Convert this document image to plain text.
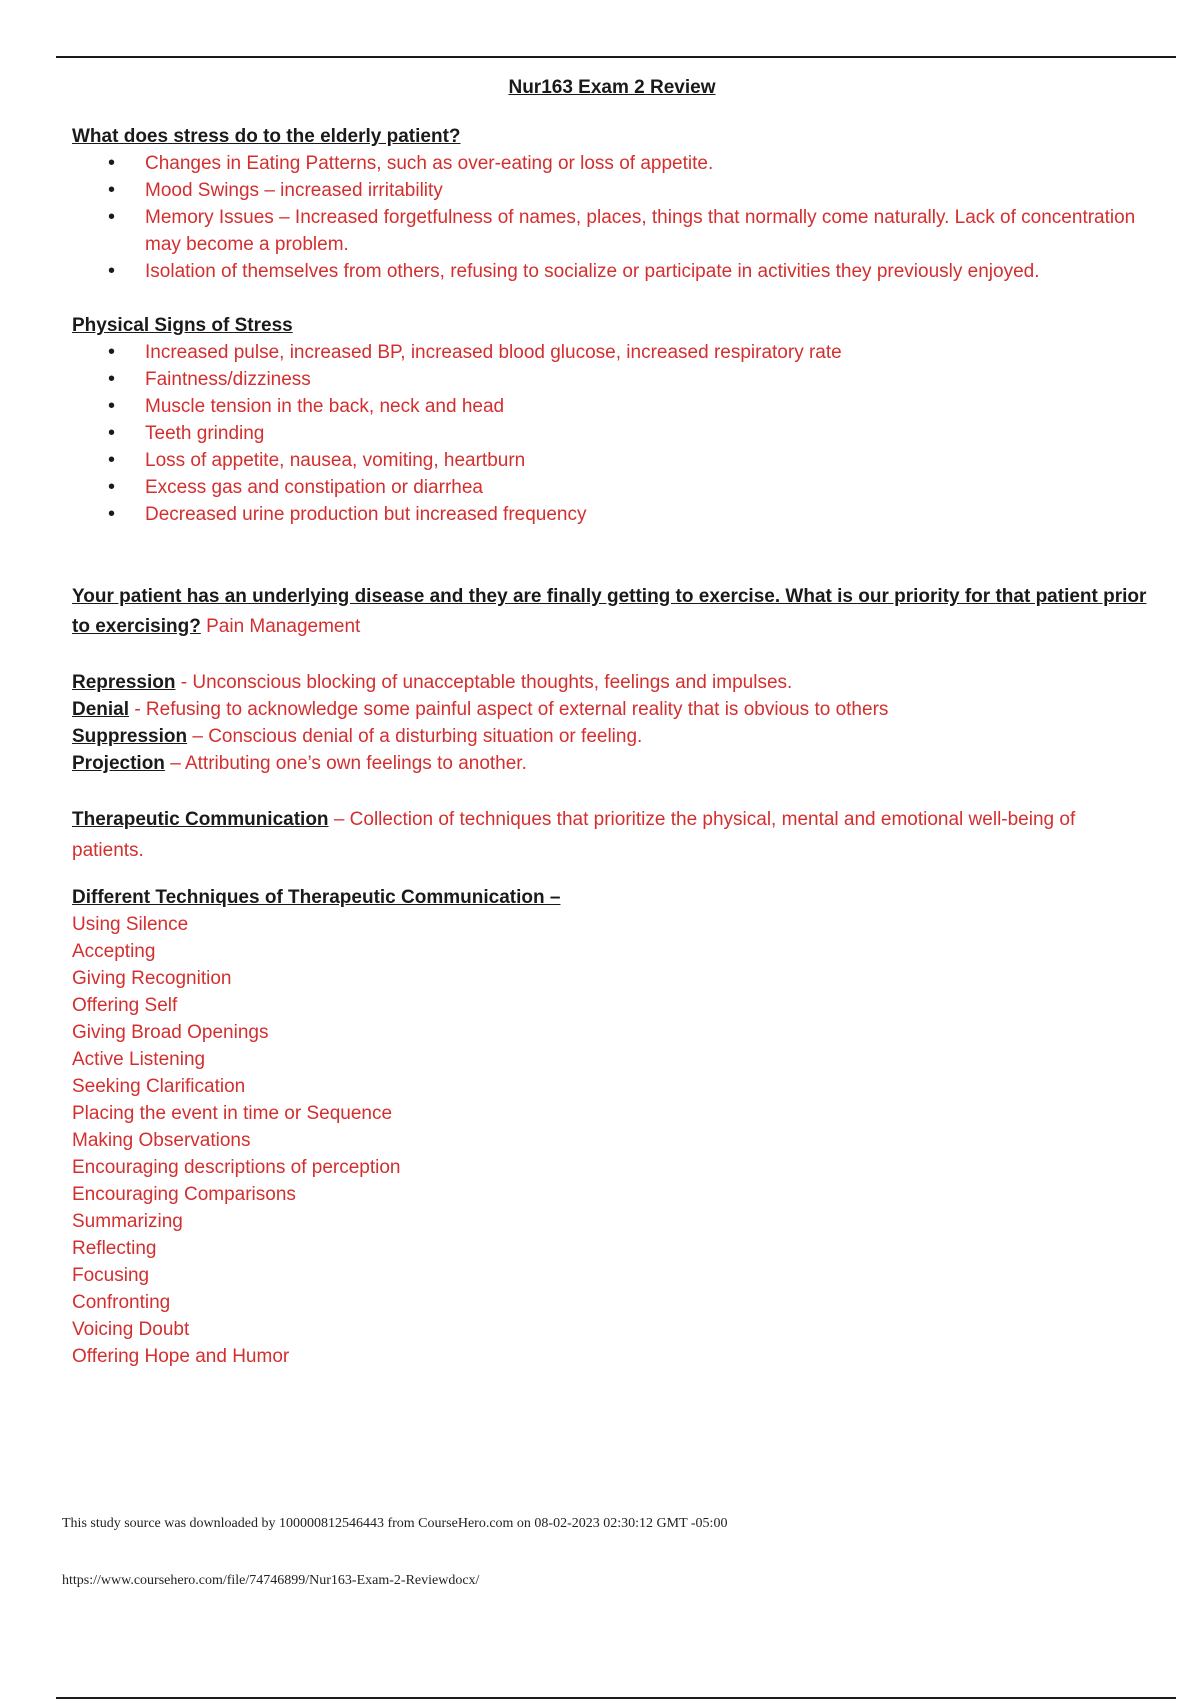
Nur163 Exam 2 Review
What does stress do to the elderly patient?
• Changes in Eating Patterns, such as over-eating or loss of appetite.
• Mood Swings – increased irritability
• Memory Issues – Increased forgetfulness of names, places, things that normally come naturally. Lack of concentration may become a problem.
• Isolation of themselves from others, refusing to socialize or participate in activities they previously enjoyed.
Physical Signs of Stress
• Increased pulse, increased BP, increased blood glucose, increased respiratory rate
• Faintness/dizziness
• Muscle tension in the back, neck and head
• Teeth grinding
• Loss of appetite, nausea, vomiting, heartburn
• Excess gas and constipation or diarrhea
• Decreased urine production but increased frequency
Your patient has an underlying disease and they are finally getting to exercise. What is our priority for that patient prior to exercising? Pain Management
Repression - Unconscious blocking of unacceptable thoughts, feelings and impulses.
Denial - Refusing to acknowledge some painful aspect of external reality that is obvious to others
Suppression – Conscious denial of a disturbing situation or feeling.
Projection – Attributing one’s own feelings to another.
Therapeutic Communication – Collection of techniques that prioritize the physical, mental and emotional well-being of patients.
Different Techniques of Therapeutic Communication –
Using Silence
Accepting
Giving Recognition
Offering Self
Giving Broad Openings
Active Listening
Seeking Clarification
Placing the event in time or Sequence
Making Observations
Encouraging descriptions of perception
Encouraging Comparisons
Summarizing
Reflecting
Focusing
Confronting
Voicing Doubt
Offering Hope and Humor
This study source was downloaded by 100000812546443 from CourseHero.com on 08-02-2023 02:30:12 GMT -05:00
https://www.coursehero.com/file/74746899/Nur163-Exam-2-Reviewdocx/
